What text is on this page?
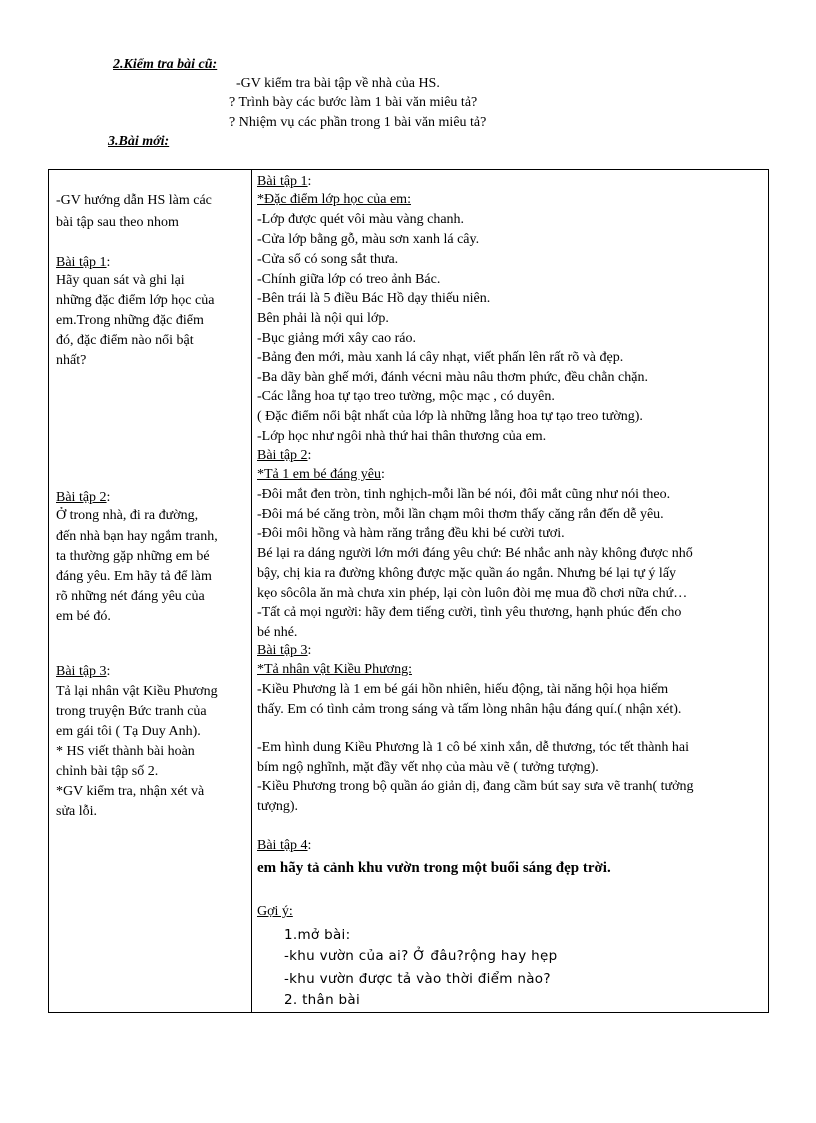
2.Kiểm tra bài cũ:
-GV kiểm tra bài tập về nhà của HS.
? Trình bày các bước làm 1 bài văn miêu tả?
? Nhiệm vụ các phần trong 1 bài văn miêu tả?
3.Bài mới:
-GV hướng dẫn HS làm các
bài tập sau theo nhom
Bài tập 1:
Hãy quan sát và ghi lại
những đặc điểm lớp học của
em.Trong những đặc điểm
đó, đặc điểm nào nổi bật
nhất?
Bài tập 2:
Ở trong nhà, đi ra đường,
đến nhà bạn hay ngắm tranh,
ta thường gặp những em bé
đáng yêu. Em hãy tả để làm
rõ những nét đáng yêu của
em bé đó.
Bài tập 3:
Tả lại nhân vật Kiều Phương
trong truyện Bức tranh của
em gái tôi ( Tạ Duy Anh).
* HS viết thành bài hoàn
chỉnh bài tập số 2.
*GV kiểm tra, nhận xét và
sửa lỗi.
Bài tập 1:
*Đặc điểm lớp học của em:
-Lớp được quét vôi màu vàng chanh.
-Cửa lớp bằng gỗ, màu sơn xanh lá cây.
-Cửa sổ có song sắt thưa.
-Chính giữa lớp có treo ảnh Bác.
-Bên trái là 5 điều Bác Hồ dạy thiếu niên.
Bên phải là nội qui lớp.
-Bục giảng mới xây cao ráo.
-Bảng đen mới, màu xanh lá cây nhạt, viết phấn lên rất rõ và đẹp.
-Ba dãy bàn ghế mới, đánh vécni màu nâu thơm phức, đều chằn chặn.
-Các lẵng hoa tự tạo treo tường, mộc mạc , có duyên.
( Đặc điểm nổi bật nhất của lớp là những lẵng hoa tự tạo treo tường).
-Lớp học như ngôi nhà thứ hai thân thương của em.
Bài tập 2:
*Tả 1 em bé đáng yêu:
-Đôi mắt đen tròn, tinh nghịch-mỗi lần bé nói, đôi mắt cũng như nói theo.
-Đôi má bé căng tròn, mỗi lần chạm môi thơm thấy căng rắn đến dễ yêu.
-Đôi môi hồng và hàm răng trắng đều khi bé cười tươi.
Bé lại ra dáng người lớn mới đáng yêu chứ: Bé nhắc anh này không được nhổ
bậy, chị kia ra đường không được mặc quần áo ngắn. Nhưng bé lại tự ý lấy
kẹo sôcôla ăn mà chưa xin phép, lại còn luôn đòi mẹ mua đồ chơi nữa chứ…
-Tất cả mọi người: hãy đem tiếng cười, tình yêu thương, hạnh phúc đến cho
bé nhé.
Bài tập 3:
*Tả nhân vật Kiều Phương:
-Kiều Phương là 1 em bé gái hồn nhiên, hiếu động, tài năng hội họa hiếm
thấy. Em có tình cảm trong sáng và tấm lòng nhân hậu đáng quí.( nhận xét).
-Em hình dung Kiều Phương là 1 cô bé xinh xắn, dễ thương, tóc tết thành hai
bím ngộ nghĩnh, mặt đầy vết nhọ của màu vẽ ( tưởng tượng).
-Kiều Phương trong bộ quần áo giản dị, đang cầm bút say sưa vẽ tranh( tưởng
tượng).
Bài tập 4:
em hãy tả cảnh khu vườn trong một buổi sáng đẹp trời.
Gợi ý:
1.mở bài:
-khu vườn của ai? Ở đâu?rộng hay hẹp
-khu vườn được tả vào thời điểm nào?
2. thân bài
